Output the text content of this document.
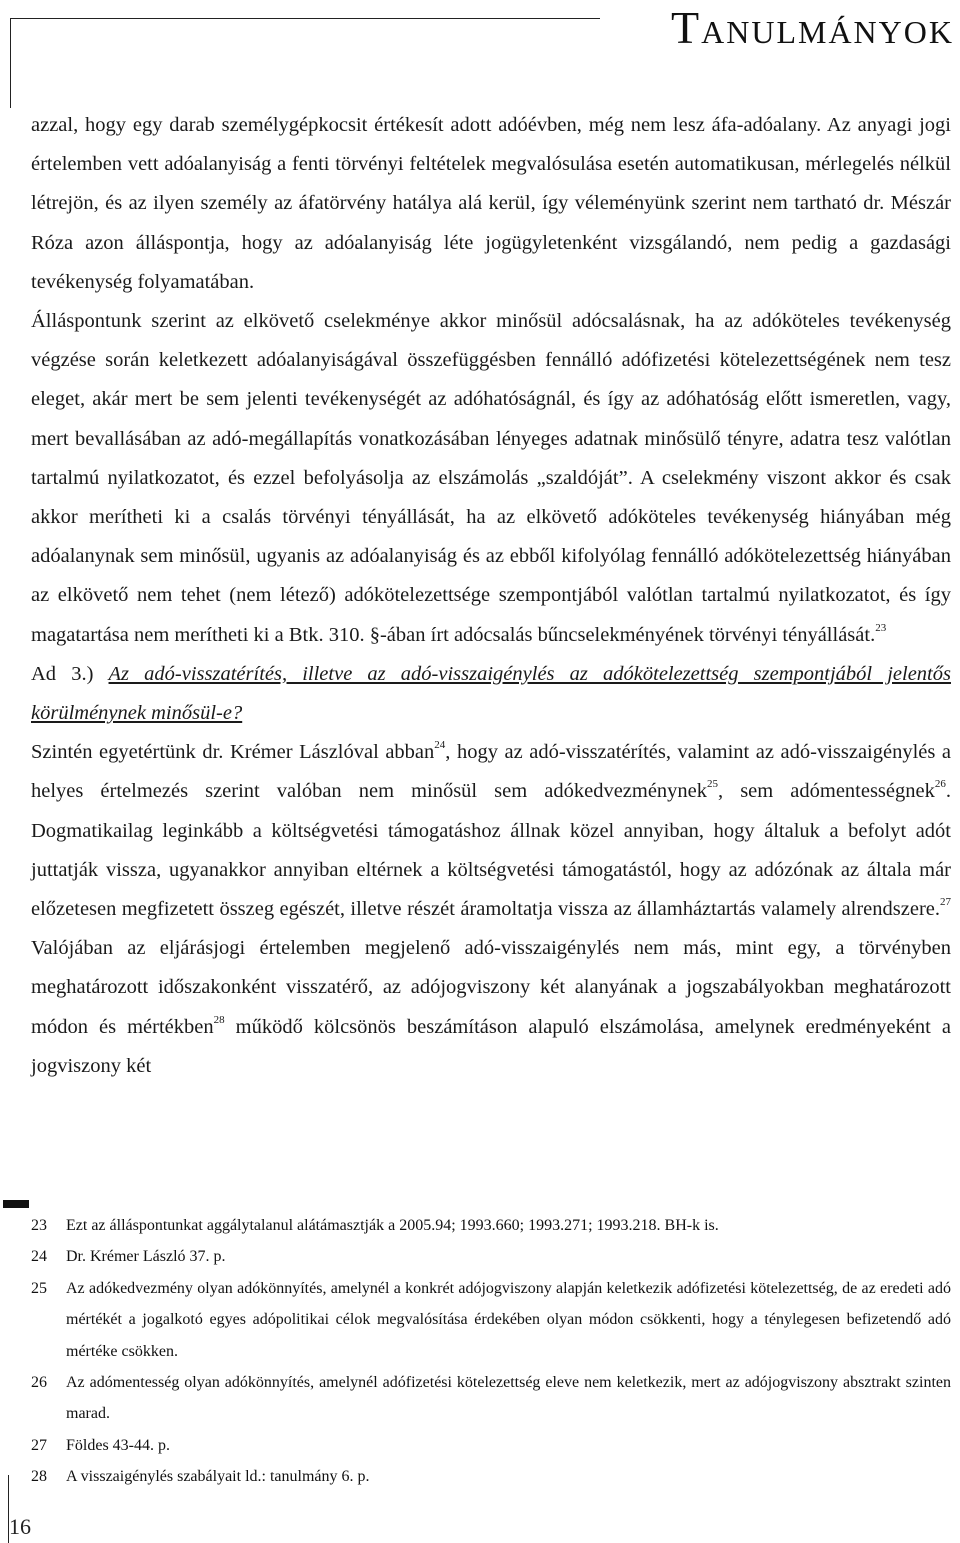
Tanulmányok

azzal, hogy egy darab személygépkocsit értékesít adott adóévben, még nem lesz áfa-adóalany. Az anyagi jogi értelemben vett adóalanyiság a fenti törvényi feltételek megvalósulása esetén automatikusan, mérlegelés nélkül létrejön, és az ilyen személy az áfatörvény hatálya alá kerül, így véleményünk szerint nem tartható dr. Mészár Róza azon álláspontja, hogy az adóalanyiság léte jogügyletenként vizsgálandó, nem pedig a gazdasági tevékenység folyamatában.

Álláspontunk szerint az elkövető cselekménye akkor minősül adócsalásnak, ha az adóköteles tevékenység végzése során keletkezett adóalanyiságával összefüggésben fennálló adófizetési kötelezettségének nem tesz eleget, akár mert be sem jelenti tevékenységét az adóhatóságnál, és így az adóhatóság előtt ismeretlen, vagy, mert bevallásában az adó-megállapítás vonatkozásában lényeges adatnak minősülő tényre, adatra tesz valótlan tartalmú nyilatkozatot, és ezzel befolyásolja az elszámolás „szaldóját”. A cselekmény viszont akkor és csak akkor merítheti ki a csalás törvényi tényállását, ha az elkövető adóköteles tevékenység hiányában még adóalanynak sem minősül, ugyanis az adóalanyiság és az ebből kifolyólag fennálló adókötelezettség hiányában az elkövető nem tehet (nem létező) adókötelezettsége szempontjából valótlan tartalmú nyilatkozatot, és így magatartása nem merítheti ki a Btk. 310. §-ában írt adócsalás bűncselekményének törvényi tényállását.$^{23}$

Ad 3.) Az adó-visszatérítés, illetve az adó-visszaigénylés az adókötelezettség szempontjából jelentős körülménynek minősül-e?

Szintén egyetértünk dr. Krémer Lászlóval abban$^{24}$, hogy az adó-visszatérítés, valamint az adó-visszaigénylés a helyes értelmezés szerint valóban nem minősül sem adókedvezménynek$^{25}$, sem adómentességnek$^{26}$. Dogmatikailag leginkább a költségvetési támogatáshoz állnak közel annyiban, hogy általuk a befolyt adót juttatják vissza, ugyanakkor annyiban eltérnek a költségvetési támogatástól, hogy az adózónak az általa már előzetesen megfizetett összeg egészét, illetve részét áramoltatja vissza az államháztartás valamely alrendszere.$^{27}$ Valójában az eljárásjogi értelemben megjelenő adó-visszaigénylés nem más, mint egy, a törvényben meghatározott időszakonként visszatérő, az adójogviszony két alanyának a jogszabályokban meghatározott módon és mértékben$^{28}$ működő kölcsönös beszámításon alapuló elszámolása, amelynek eredményeként a jogviszony két

23	Ezt az álláspontunkat aggálytalanul alátámasztják a 2005.94; 1993.660; 1993.271; 1993.218. BH-k is.
24	Dr. Krémer László 37. p.
25	Az adókedvezmény olyan adókönnyítés, amelynél a konkrét adójogviszony alapján keletkezik adófizetési kötelezettség, de az eredeti adó mértékét a jogalkotó egyes adópolitikai célok megvalósítása érdekében olyan módon csökkenti, hogy a ténylegesen befizetendő adó mértéke csökken.
26	Az adómentesség olyan adókönnyítés, amelynél adófizetési kötelezettség eleve nem keletkezik, mert az adójogviszony absztrakt szinten marad.
27	Földes 43-44. p.
28	A visszaigénylés szabályait ld.: tanulmány 6. p.
16
